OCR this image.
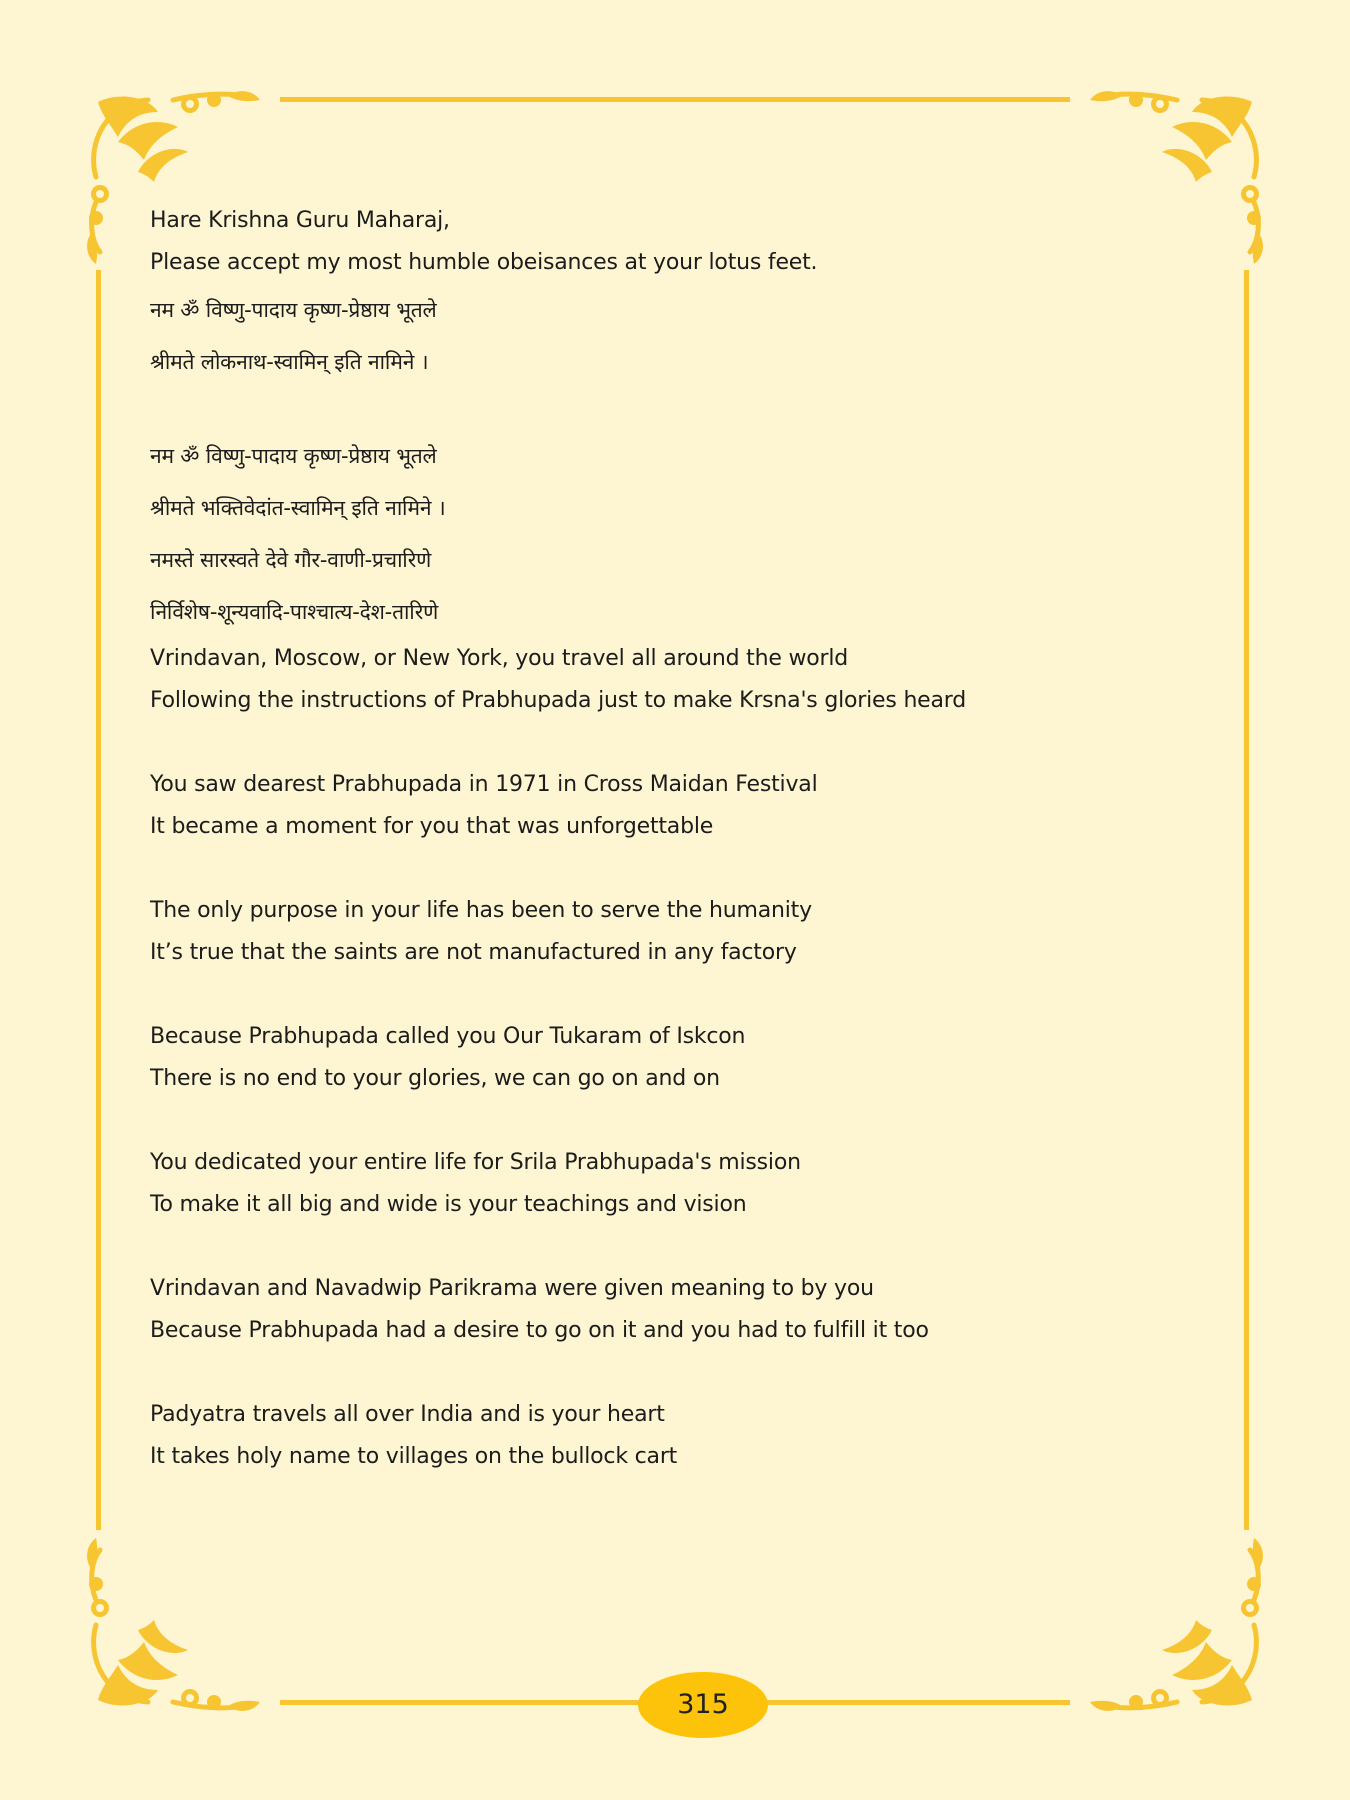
Hare Krishna Guru Maharaj,
Please accept my most humble obeisances at your lotus feet.
नम ॐ विष्णु-पादाय कृष्ण-प्रेष्ठाय भूतले
श्रीमते लोकनाथ-स्वामिन् इति नामिने ।
नम ॐ विष्णु-पादाय कृष्ण-प्रेष्ठाय भूतले
श्रीमते भक्तिवेदांत-स्वामिन् इति नामिने ।
नमस्ते सारस्वते देवे गौर-वाणी-प्रचारिणे
निर्विशेष-शून्यवादि-पाश्चात्य-देश-तारिणे
Vrindavan, Moscow, or New York, you travel all around the world
Following the instructions of Prabhupada just to make Krsna's glories heard
You saw dearest Prabhupada in 1971 in Cross Maidan Festival
It became a moment for you that was unforgettable
The only purpose in your life has been to serve the humanity
It’s true that the saints are not manufactured in any factory
Because Prabhupada called you Our Tukaram of Iskcon
There is no end to your glories, we can go on and on
You dedicated your entire life for Srila Prabhupada's mission
To make it all big and wide is your teachings and vision
Vrindavan and Navadwip Parikrama were given meaning to by you
Because Prabhupada had a desire to go on it and you had to fulfill it too
Padyatra travels all over India and is your heart
It takes holy name to villages on the bullock cart
315
